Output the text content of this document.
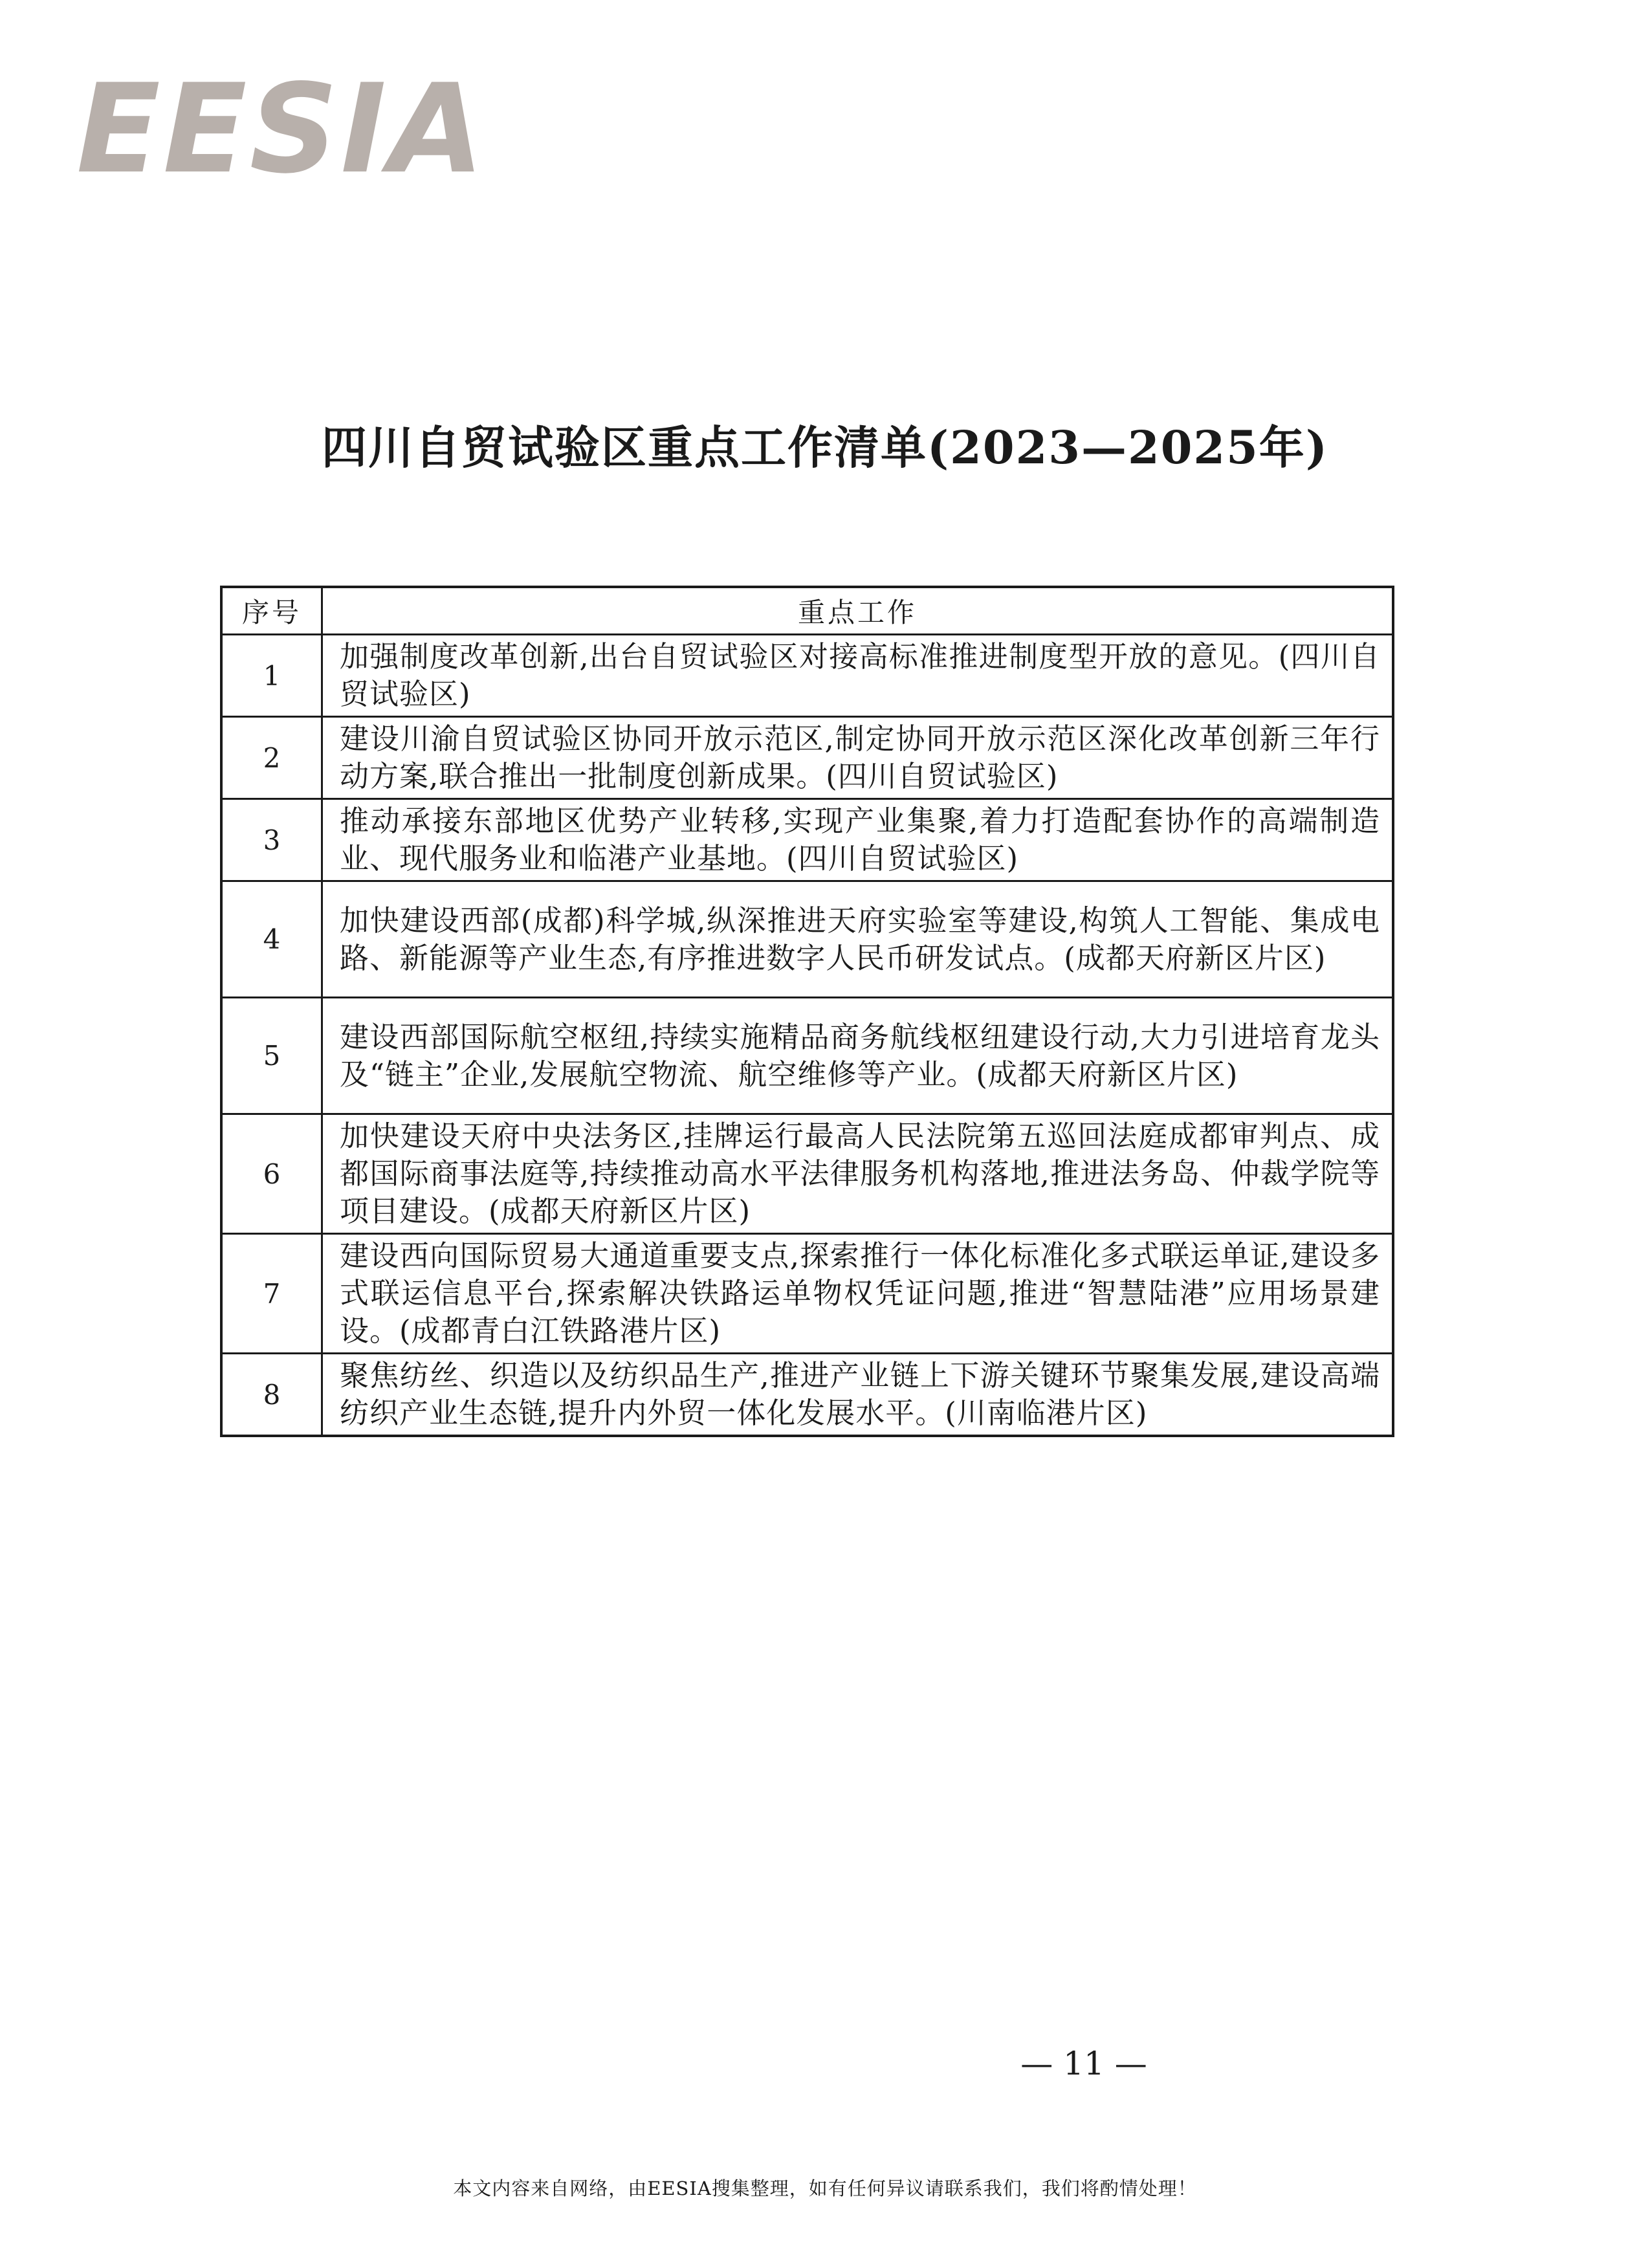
EESIA
四川自贸试验区重点工作清单(2023—2025年)
序号	重点工作
1	加强制度改革创新,出台自贸试验区对接高标准推进制度型开放的意见。(四川自贸试验区)
2	建设川渝自贸试验区协同开放示范区,制定协同开放示范区深化改革创新三年行动方案,联合推出一批制度创新成果。(四川自贸试验区)
3	推动承接东部地区优势产业转移,实现产业集聚,着力打造配套协作的高端制造业、现代服务业和临港产业基地。(四川自贸试验区)
4	加快建设西部(成都)科学城,纵深推进天府实验室等建设,构筑人工智能、集成电路、新能源等产业生态,有序推进数字人民币研发试点。(成都天府新区片区)
5	建设西部国际航空枢纽,持续实施精品商务航线枢纽建设行动,大力引进培育龙头及“链主”企业,发展航空物流、航空维修等产业。(成都天府新区片区)
6	加快建设天府中央法务区,挂牌运行最高人民法院第五巡回法庭成都审判点、成都国际商事法庭等,持续推动高水平法律服务机构落地,推进法务岛、仲裁学院等项目建设。(成都天府新区片区)
7	建设西向国际贸易大通道重要支点,探索推行一体化标准化多式联运单证,建设多式联运信息平台,探索解决铁路运单物权凭证问题,推进“智慧陆港”应用场景建设。(成都青白江铁路港片区)
8	聚焦纺丝、织造以及纺织品生产,推进产业链上下游关键环节聚集发展,建设高端纺织产业生态链,提升内外贸一体化发展水平。(川南临港片区)
— 11 —
本文内容来自网络，由EESIA搜集整理，如有任何异议请联系我们，我们将酌情处理！
